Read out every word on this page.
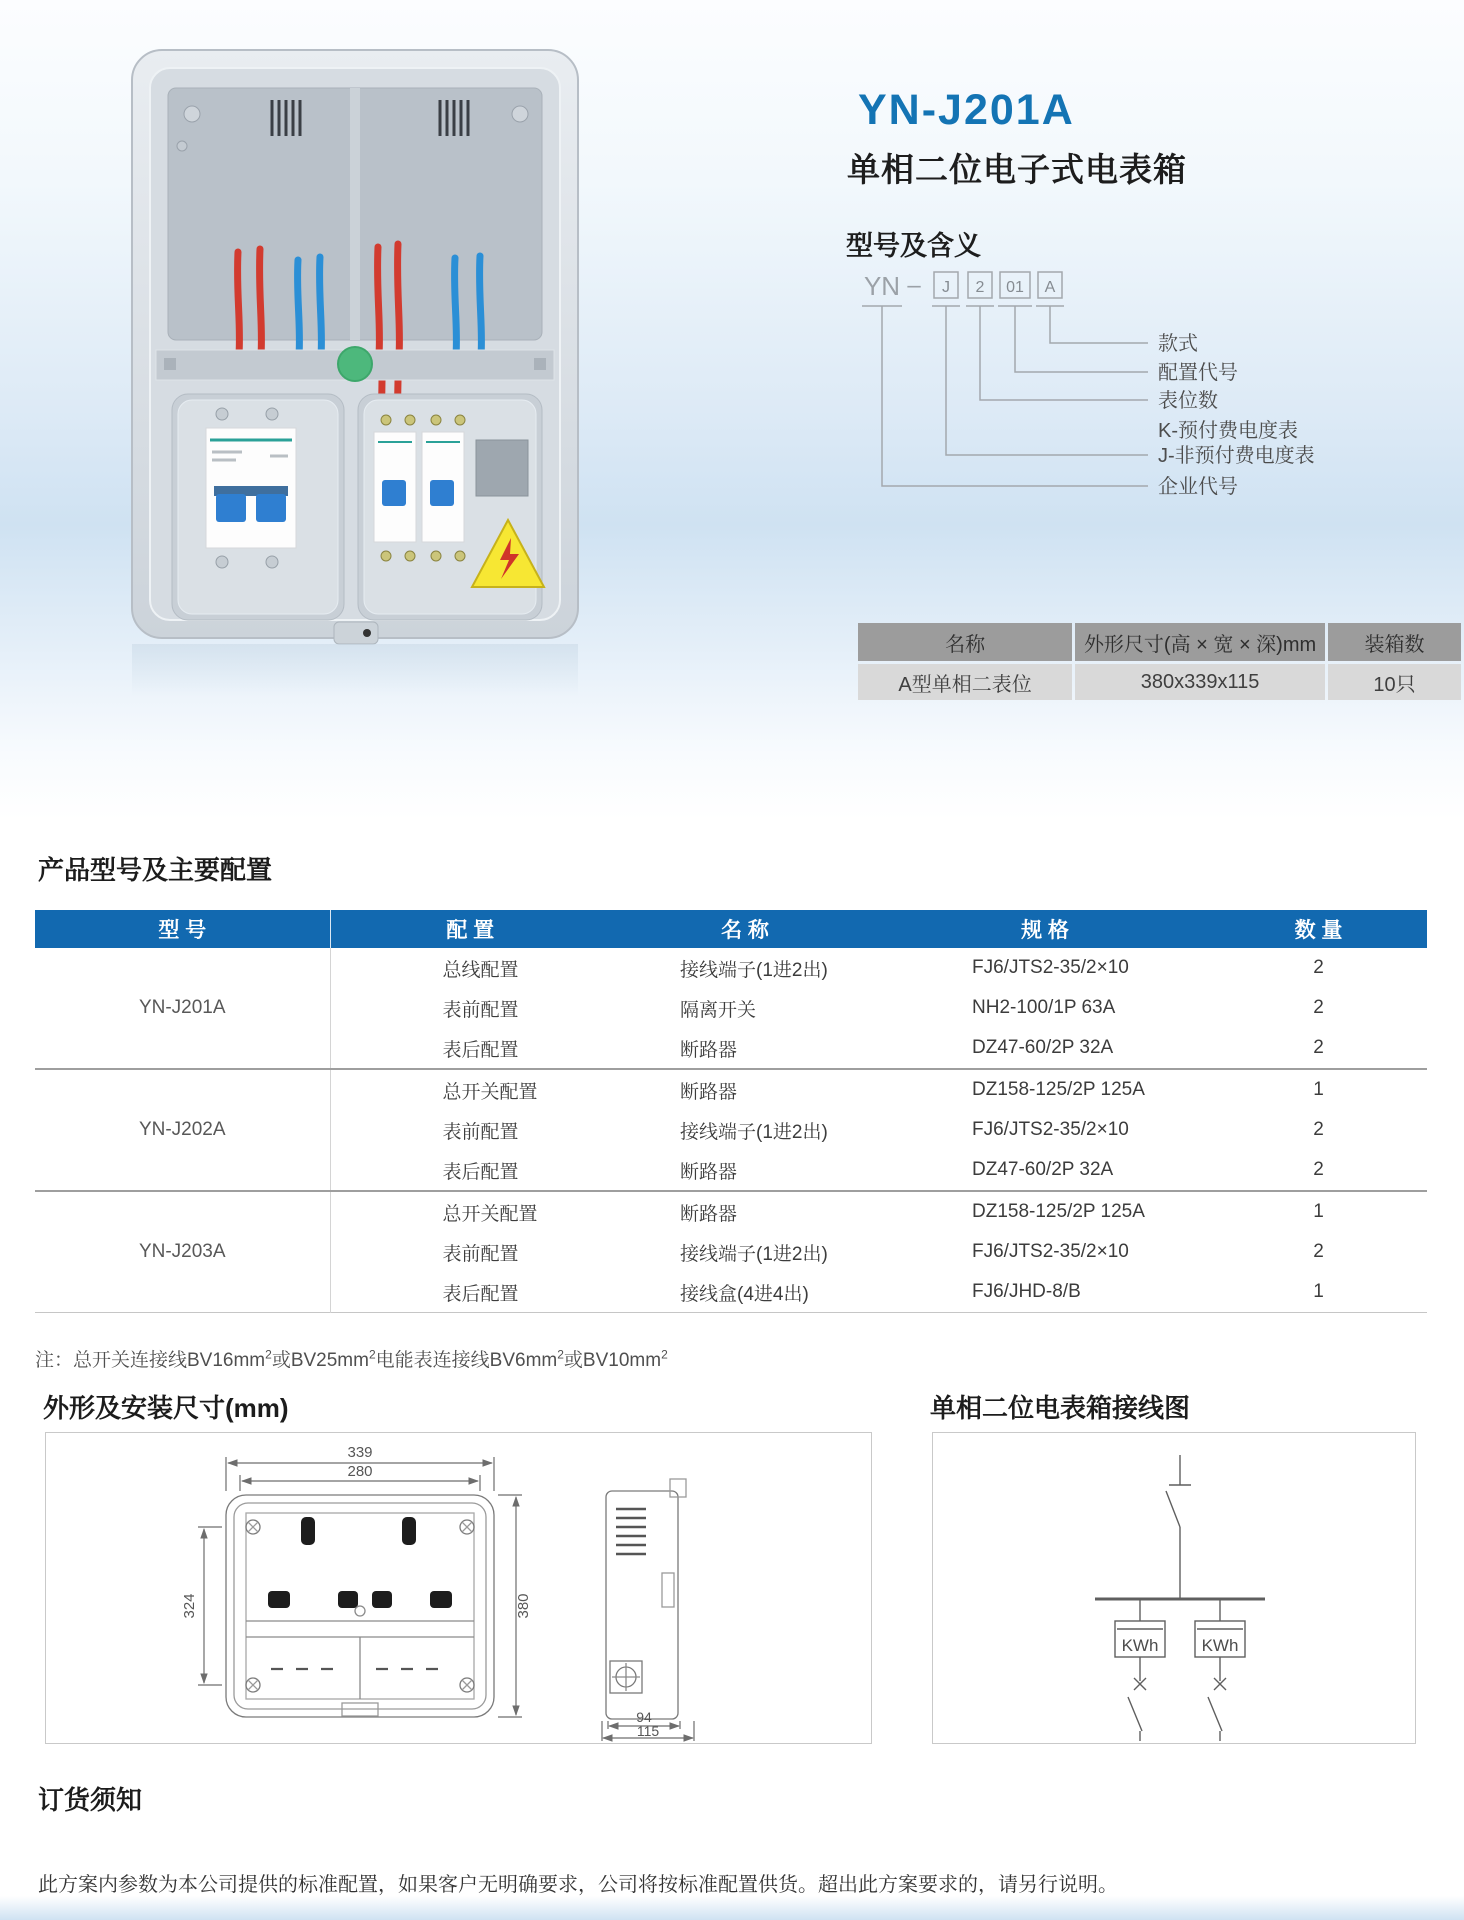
YN-J201A
单相二位电子式电表箱
型号及含义
YN – J 2 01 A
款式
配置代号
表位数
K-预付费电度表
J-非预付费电度表
企业代号
名称	外形尺寸(高 × 宽 × 深)mm	装箱数
A型单相二表位	380x339x115	10只
产品型号及主要配置
型 号	配 置	名 称	规 格	数 量
YN-J201A	总线配置	接线端子(1进2出)	FJ6/JTS2-35/2×10	2
	表前配置	隔离开关	NH2-100/1P 63A	2
	表后配置	断路器	DZ47-60/2P 32A	2
YN-J202A	总开关配置	断路器	DZ158-125/2P 125A	1
	表前配置	接线端子(1进2出)	FJ6/JTS2-35/2×10	2
	表后配置	断路器	DZ47-60/2P 32A	2
YN-J203A	总开关配置	断路器	DZ158-125/2P 125A	1
	表前配置	接线端子(1进2出)	FJ6/JTS2-35/2×10	2
	表后配置	接线盒(4进4出)	FJ6/JHD-8/B	1

注：总开关连接线$BV16mm^2$或$BV25mm^2$电能表连接线$BV6mm^2$或$BV10mm^2$

外形及安装尺寸(mm)	单相二位电表箱接线图
339
280
324	380
94
115
KWh	KWh
订货须知

此方案内参数为本公司提供的标准配置，如果客户无明确要求，公司将按标准配置供货。超出此方案要求的，请另行说明。
